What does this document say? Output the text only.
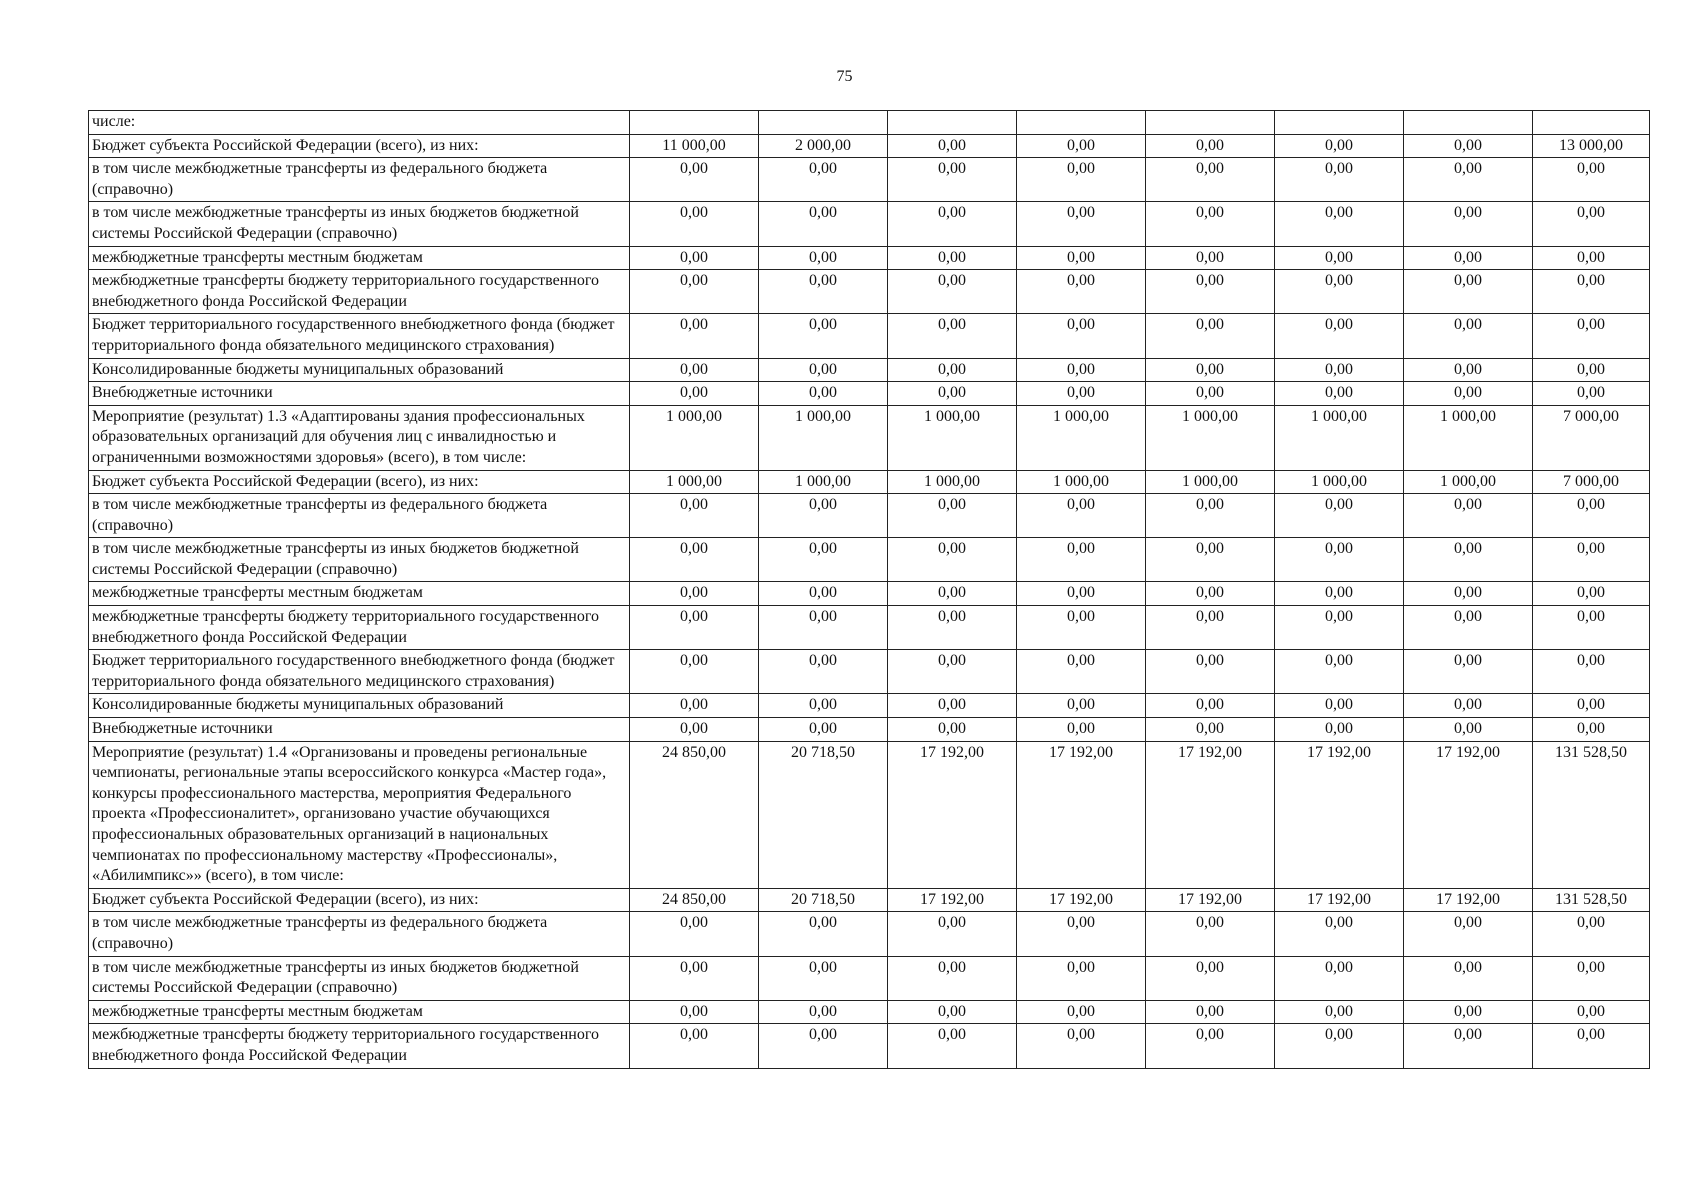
75
числе:								
Бюджет субъекта Российской Федерации (всего), из них:	11 000,00	2 000,00	0,00	0,00	0,00	0,00	0,00	13 000,00
в том числе межбюджетные трансферты из федерального бюджета (справочно)	0,00	0,00	0,00	0,00	0,00	0,00	0,00	0,00
в том числе межбюджетные трансферты из иных бюджетов бюджетной системы Российской Федерации (справочно)	0,00	0,00	0,00	0,00	0,00	0,00	0,00	0,00
межбюджетные трансферты местным бюджетам	0,00	0,00	0,00	0,00	0,00	0,00	0,00	0,00
межбюджетные трансферты бюджету территориального государственного внебюджетного фонда Российской Федерации	0,00	0,00	0,00	0,00	0,00	0,00	0,00	0,00
Бюджет территориального государственного внебюджетного фонда (бюджет территориального фонда обязательного медицинского страхования)	0,00	0,00	0,00	0,00	0,00	0,00	0,00	0,00
Консолидированные бюджеты муниципальных образований	0,00	0,00	0,00	0,00	0,00	0,00	0,00	0,00
Внебюджетные источники	0,00	0,00	0,00	0,00	0,00	0,00	0,00	0,00
Мероприятие (результат) 1.3 «Адаптированы здания профессиональных образовательных организаций для обучения лиц с инвалидностью и ограниченными возможностями здоровья» (всего), в том числе:	1 000,00	1 000,00	1 000,00	1 000,00	1 000,00	1 000,00	1 000,00	7 000,00
Бюджет субъекта Российской Федерации (всего), из них:	1 000,00	1 000,00	1 000,00	1 000,00	1 000,00	1 000,00	1 000,00	7 000,00
в том числе межбюджетные трансферты из федерального бюджета (справочно)	0,00	0,00	0,00	0,00	0,00	0,00	0,00	0,00
в том числе межбюджетные трансферты из иных бюджетов бюджетной системы Российской Федерации (справочно)	0,00	0,00	0,00	0,00	0,00	0,00	0,00	0,00
межбюджетные трансферты местным бюджетам	0,00	0,00	0,00	0,00	0,00	0,00	0,00	0,00
межбюджетные трансферты бюджету территориального государственного внебюджетного фонда Российской Федерации	0,00	0,00	0,00	0,00	0,00	0,00	0,00	0,00
Бюджет территориального государственного внебюджетного фонда (бюджет территориального фонда обязательного медицинского страхования)	0,00	0,00	0,00	0,00	0,00	0,00	0,00	0,00
Консолидированные бюджеты муниципальных образований	0,00	0,00	0,00	0,00	0,00	0,00	0,00	0,00
Внебюджетные источники	0,00	0,00	0,00	0,00	0,00	0,00	0,00	0,00
Мероприятие (результат) 1.4 «Организованы и проведены региональные чемпионаты, региональные этапы всероссийского конкурса «Мастер года», конкурсы профессионального мастерства, мероприятия Федерального проекта «Профессионалитет», организовано участие обучающихся профессиональных образовательных организаций в национальных чемпионатах по профессиональному мастерству «Профессионалы», «Абилимпикс»» (всего), в том числе:	24 850,00	20 718,50	17 192,00	17 192,00	17 192,00	17 192,00	17 192,00	131 528,50
Бюджет субъекта Российской Федерации (всего), из них:	24 850,00	20 718,50	17 192,00	17 192,00	17 192,00	17 192,00	17 192,00	131 528,50
в том числе межбюджетные трансферты из федерального бюджета (справочно)	0,00	0,00	0,00	0,00	0,00	0,00	0,00	0,00
в том числе межбюджетные трансферты из иных бюджетов бюджетной системы Российской Федерации (справочно)	0,00	0,00	0,00	0,00	0,00	0,00	0,00	0,00
межбюджетные трансферты местным бюджетам	0,00	0,00	0,00	0,00	0,00	0,00	0,00	0,00
межбюджетные трансферты бюджету территориального государственного внебюджетного фонда Российской Федерации	0,00	0,00	0,00	0,00	0,00	0,00	0,00	0,00
